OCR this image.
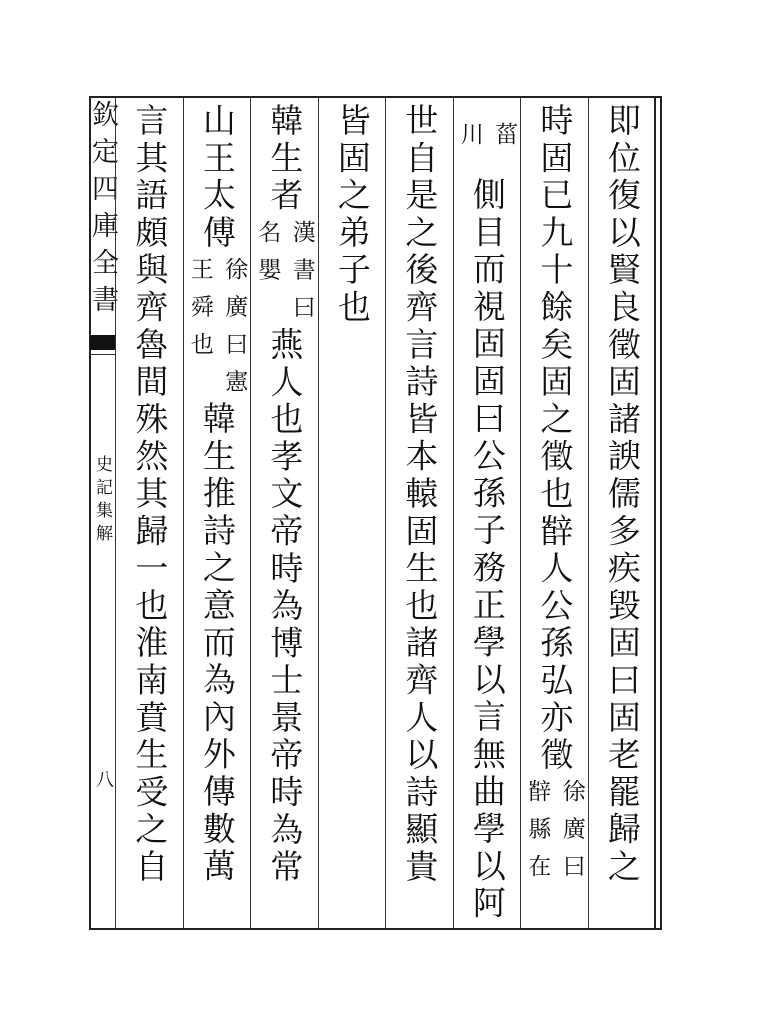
欽定四庫全書
史記集解
八	即位復以賢良徵固諸諛儒多疾毀固曰固老罷歸之
時固已九十餘矣固之徵也辥人公孫弘亦徵
徐廣曰
辥縣在
菑
川
側目而視固固曰公孫子務正學以言無曲學以阿
世自是之後齊言詩皆本轅固生也諸齊人以詩顯貴
皆固之弟子也
韓生者
漢書曰
名嬰
燕人也孝文帝時為博士景帝時為常
山王太傅
徐廣曰憲
王舜也
韓生推詩之意而為內外傳數萬
言其語頗與齊魯間殊然其歸一也淮南賁生受之自
